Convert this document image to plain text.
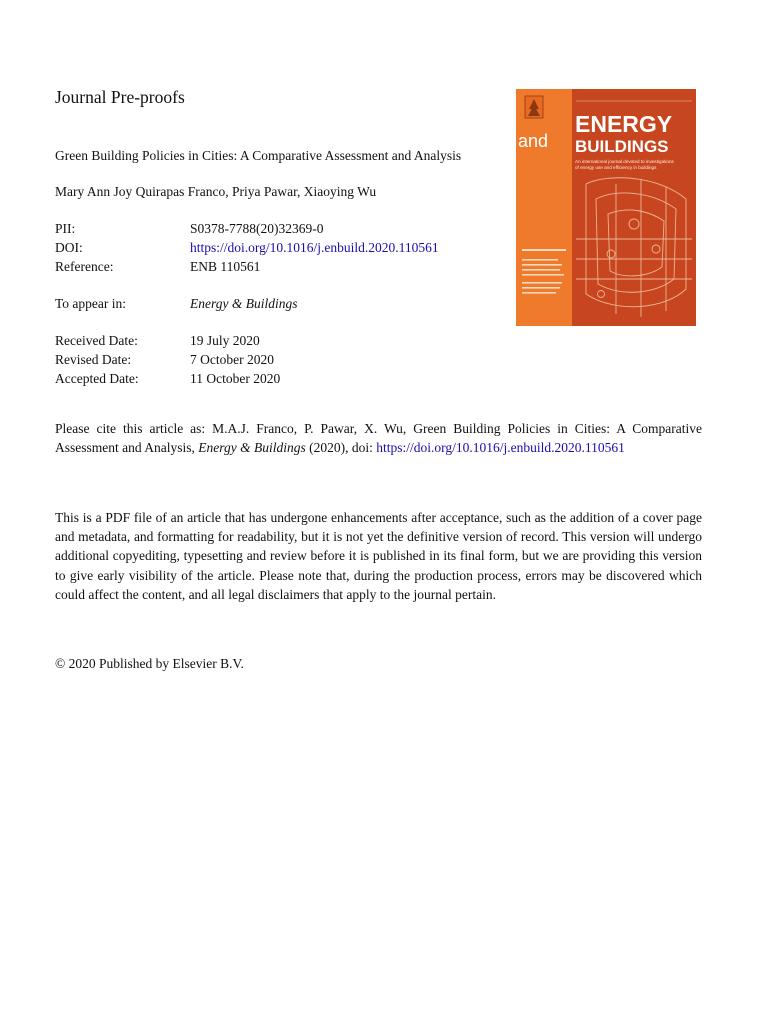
Journal Pre-proofs

Green Building Policies in Cities: A Comparative Assessment and Analysis

Mary Ann Joy Quirapas Franco, Priya Pawar, Xiaoying Wu

PII:	S0378-7788(20)32369-0

DOI:	https://doi.org/10.1016/j.enbuild.2020.110561

Reference:	ENB 110561

To appear in:	Energy & Buildings

Received Date:	19 July 2020

Revised Date:	7 October 2020

Accepted Date:	11 October 2020

Please cite this article as: M.A.J. Franco, P. Pawar, X. Wu, Green Building Policies in Cities: A Comparative Assessment and Analysis, Energy & Buildings (2020), doi: https://doi.org/10.1016/j.enbuild.2020.110561

This is a PDF file of an article that has undergone enhancements after acceptance, such as the addition of a cover page and metadata, and formatting for readability, but it is not yet the definitive version of record. This version will undergo additional copyediting, typesetting and review before it is published in its final form, but we are providing this version to give early visibility of the article. Please note that, during the production process, errors may be discovered which could affect the content, and all legal disclaimers that apply to the journal pertain.

© 2020 Published by Elsevier B.V.

and
ENERGY
BUILDINGS
An international journal devoted to investigations
of energy use and efficiency in buildings
